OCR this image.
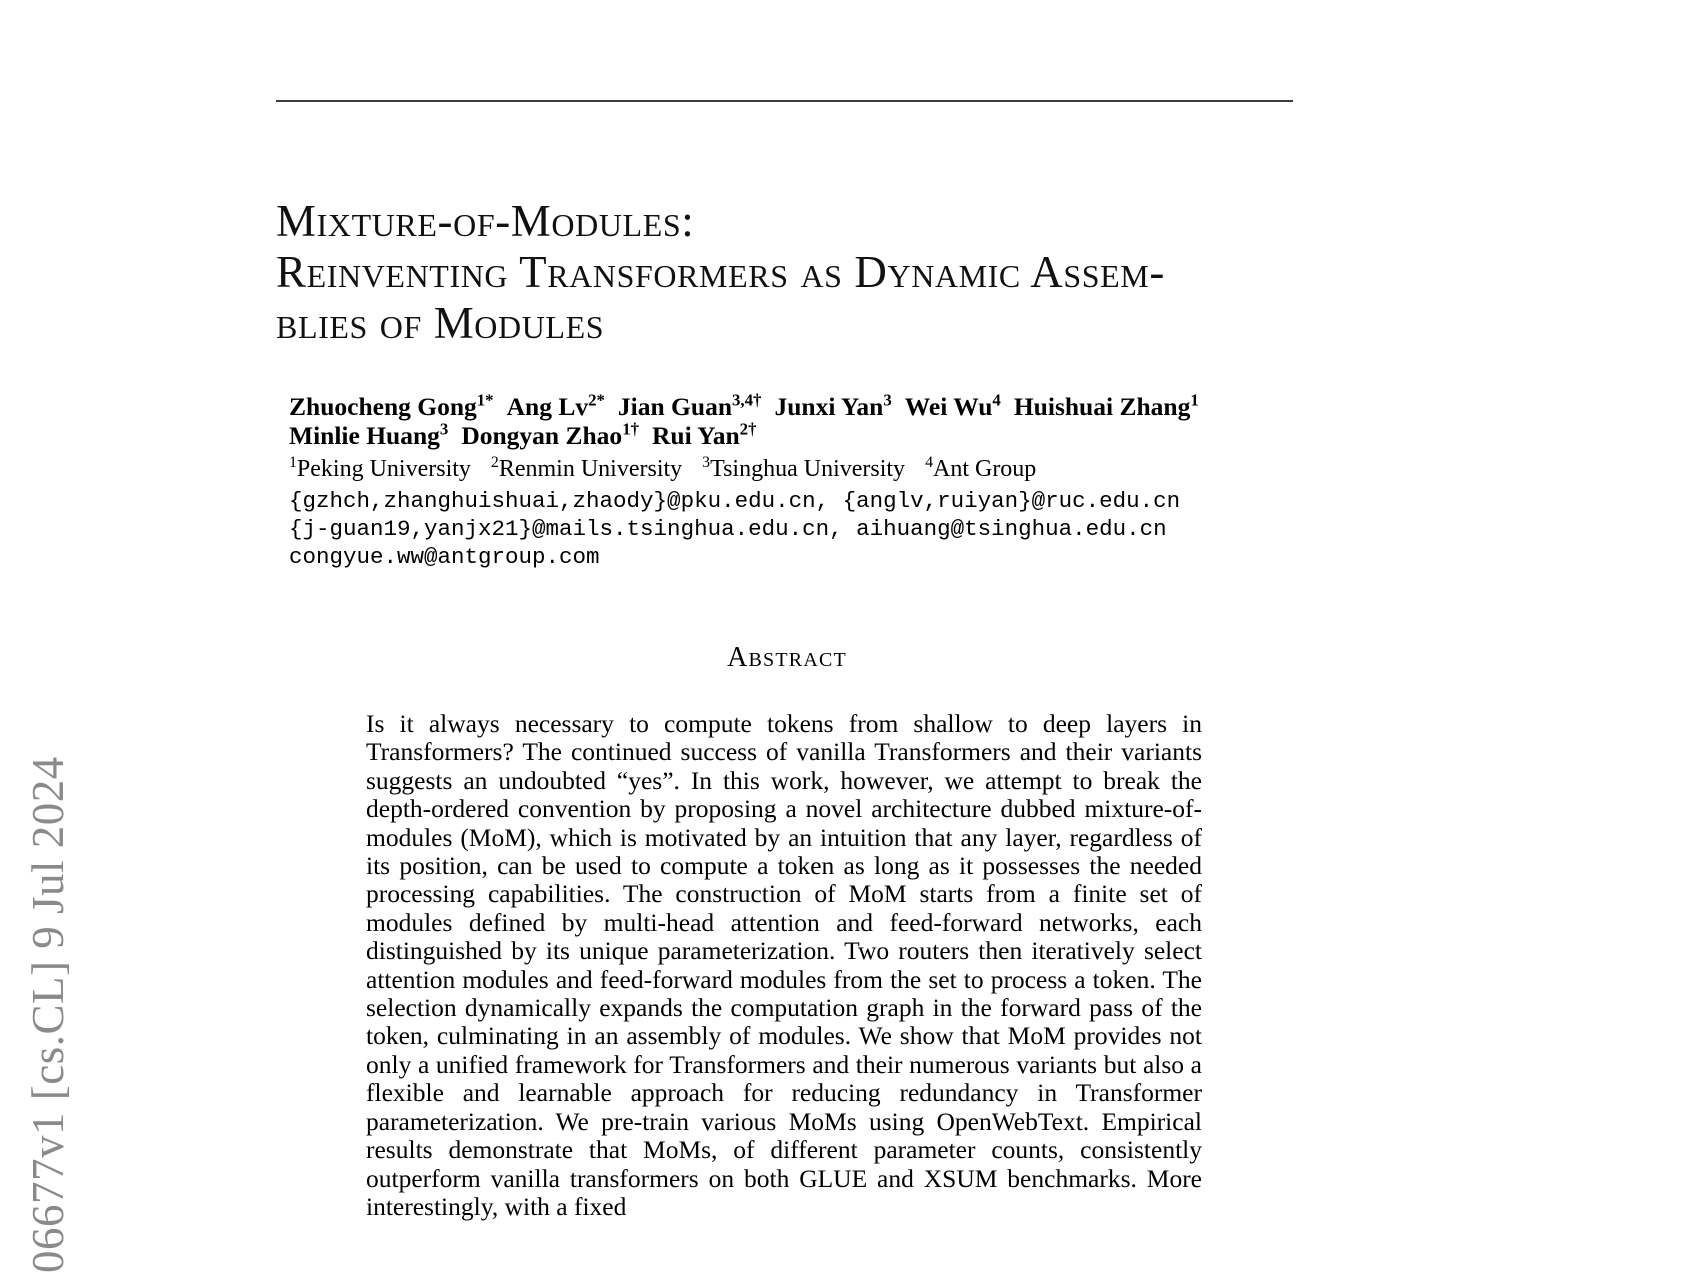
06677v1 [cs.CL] 9 Jul 2024
Mixture-of-Modules:
Reinventing Transformers as Dynamic Assem-
blies of Modules
Zhuocheng Gong$^{1*}$ Ang $Lv^{2*}$ Jian Guan$^{3,4\dagger}$ Junxi Yan$^3$ Wei Wu$^4$ Huishuai Zhang$^1$
Minlie Huang$^3$ Dongyan Zhao$^{1\dagger}$ Rui Yan$^{2\dagger}$
$^1$Peking University $^2$Renmin University $^3$Tsinghua University $^4$Ant Group
{gzhch,zhanghuishuai,zhaody}@pku.edu.cn, {anglv,ruiyan}@ruc.edu.cn
{j-guan19,yanjx21}@mails.tsinghua.edu.cn, aihuang@tsinghua.edu.cn
congyue.ww@antgroup.com
Abstract

Is it always necessary to compute tokens from shallow to deep layers in Transformers? The continued success of vanilla Transformers and their variants suggests an undoubted “yes”. In this work, however, we attempt to break the depth-ordered convention by proposing a novel architecture dubbed mixture-of-modules (MoM), which is motivated by an intuition that any layer, regardless of its position, can be used to compute a token as long as it possesses the needed processing capabilities. The construction of MoM starts from a finite set of modules defined by multi-head attention and feed-forward networks, each distinguished by its unique parameterization. Two routers then iteratively select attention modules and feed-forward modules from the set to process a token. The selection dynamically expands the computation graph in the forward pass of the token, culminating in an assembly of modules. We show that MoM provides not only a unified framework for Transformers and their numerous variants but also a flexible and learnable approach for reducing redundancy in Transformer parameterization. We pre-train various MoMs using OpenWebText. Empirical results demonstrate that MoMs, of different parameter counts, consistently outperform vanilla transformers on both GLUE and XSUM benchmarks. More interestingly, with a fixed
